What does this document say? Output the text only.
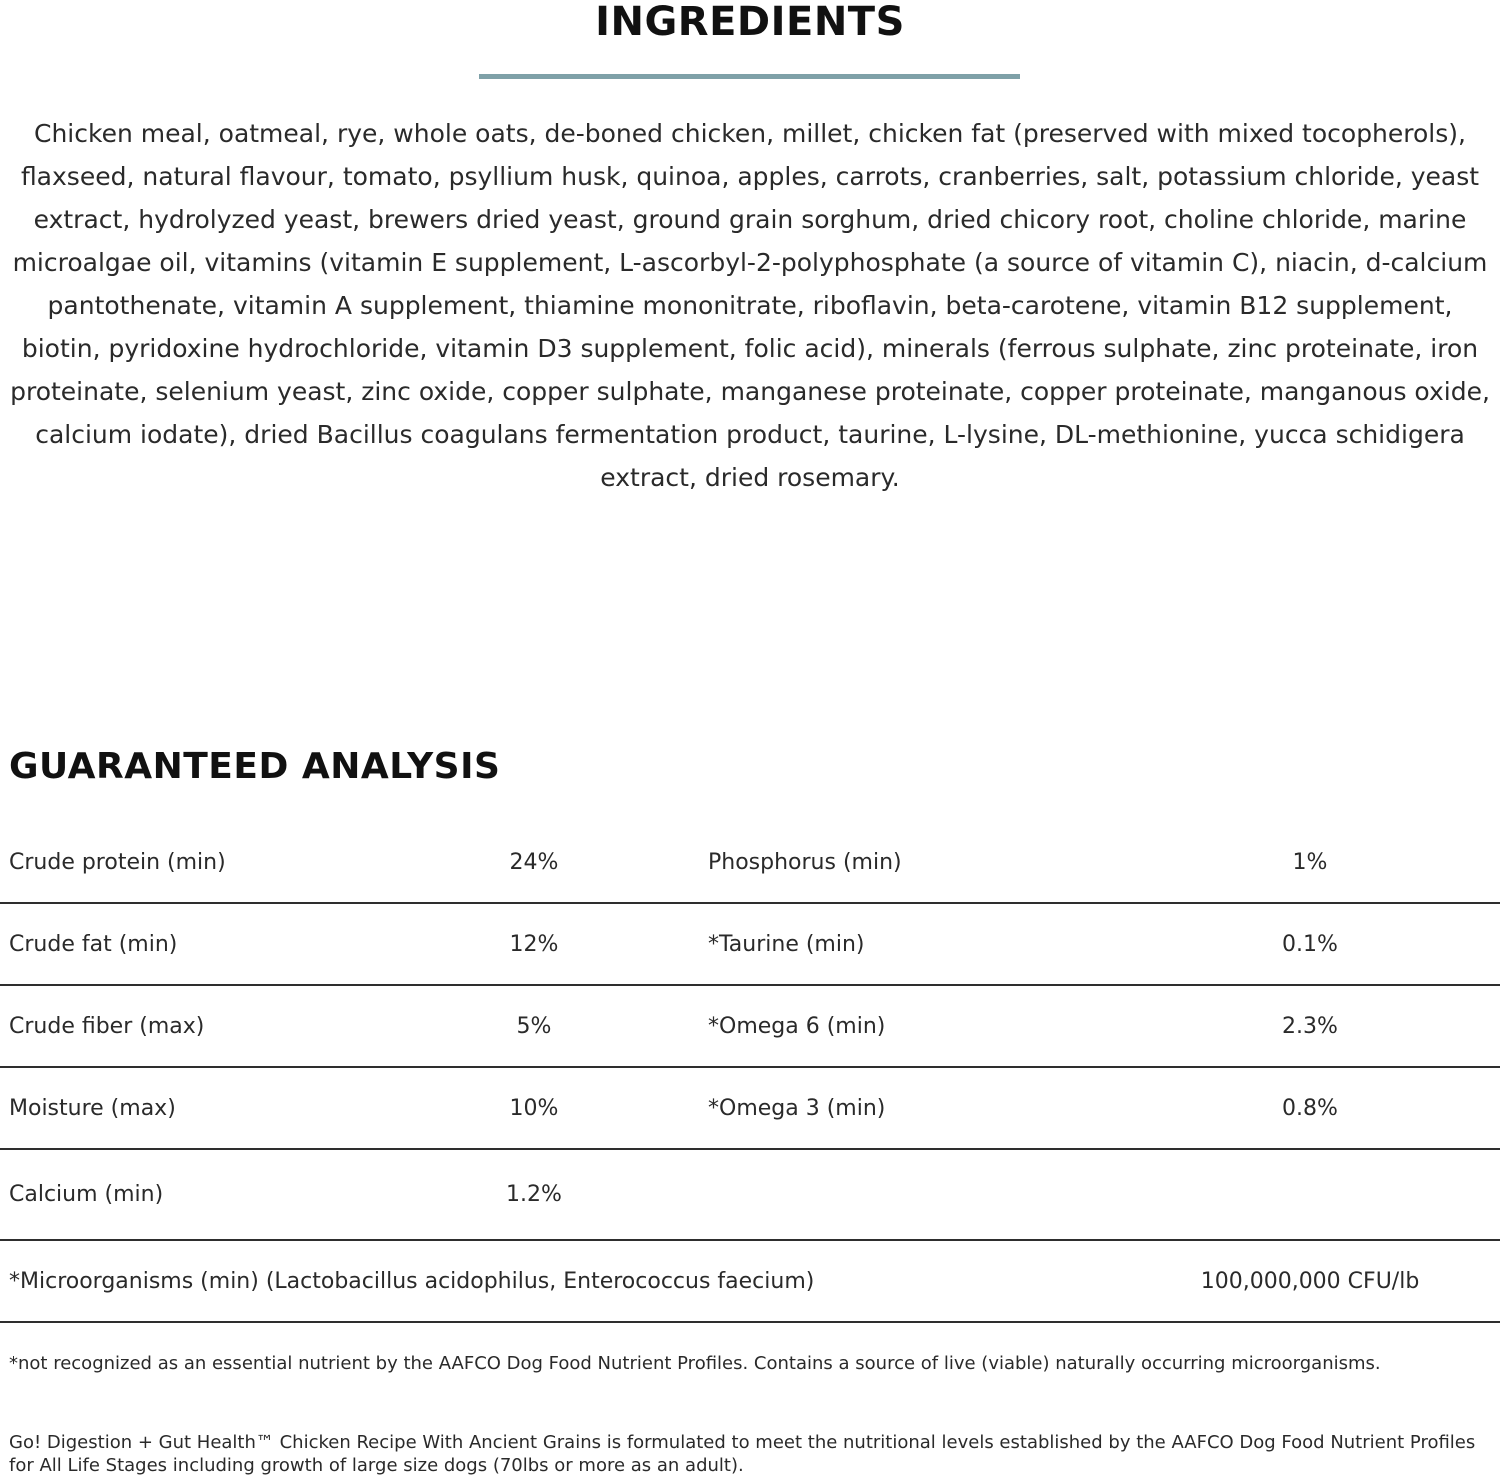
INGREDIENTS
Chicken meal, oatmeal, rye, whole oats, de-boned chicken, millet, chicken fat (preserved with mixed tocopherols), flaxseed, natural flavour, tomato, psyllium husk, quinoa, apples, carrots, cranberries, salt, potassium chloride, yeast extract, hydrolyzed yeast, brewers dried yeast, ground grain sorghum, dried chicory root, choline chloride, marine microalgae oil, vitamins (vitamin E supplement, L-ascorbyl-2-polyphosphate (a source of vitamin C), niacin, d-calcium pantothenate, vitamin A supplement, thiamine mononitrate, riboflavin, beta-carotene, vitamin B12 supplement, biotin, pyridoxine hydrochloride, vitamin D3 supplement, folic acid), minerals (ferrous sulphate, zinc proteinate, iron proteinate, selenium yeast, zinc oxide, copper sulphate, manganese proteinate, copper proteinate, manganous oxide, calcium iodate), dried Bacillus coagulans fermentation product, taurine, L-lysine, DL-methionine, yucca schidigera extract, dried rosemary.
GUARANTEED ANALYSIS
Crude protein (min)	24%	Phosphorus (min)	1%
Crude fat (min)	12%	*Taurine (min)	0.1%
Crude fiber (max)	5%	*Omega 6 (min)	2.3%
Moisture (max)	10%	*Omega 3 (min)	0.8%
Calcium (min)	1.2%
*Microorganisms (min) (Lactobacillus acidophilus, Enterococcus faecium)	100,000,000 CFU/lb
*not recognized as an essential nutrient by the AAFCO Dog Food Nutrient Profiles. Contains a source of live (viable) naturally occurring microorganisms.
Go! Digestion + Gut Health™ Chicken Recipe With Ancient Grains is formulated to meet the nutritional levels established by the AAFCO Dog Food Nutrient Profiles for All Life Stages including growth of large size dogs (70lbs or more as an adult).
